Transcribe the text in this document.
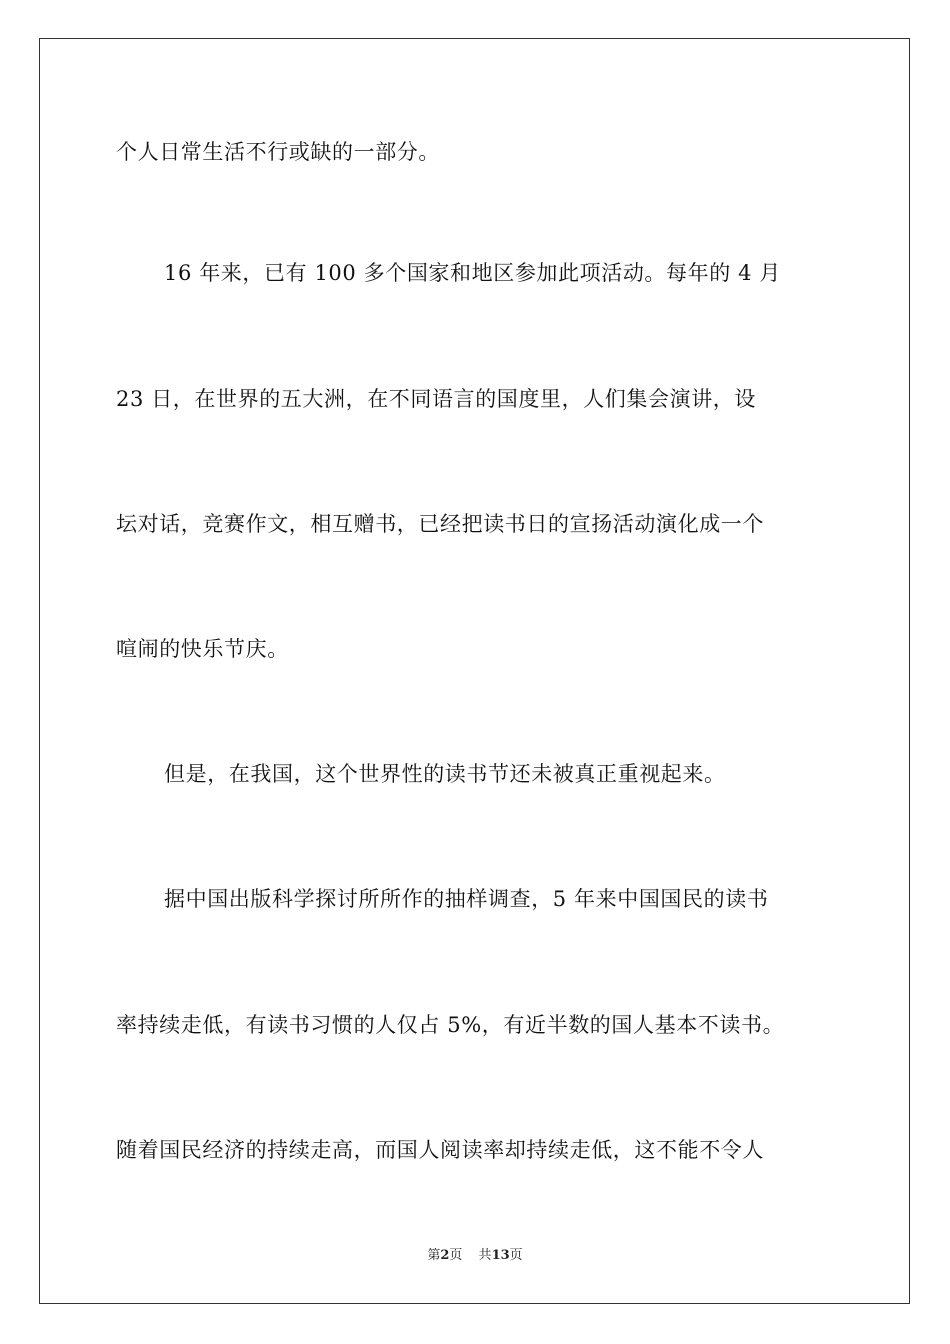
个人日常生活不行或缺的一部分。
16 年来，已有 100 多个国家和地区参加此项活动。每年的 4 月
23 日，在世界的五大洲，在不同语言的国度里，人们集会演讲，设
坛对话，竞赛作文，相互赠书，已经把读书日的宣扬活动演化成一个
喧闹的快乐节庆。
但是，在我国，这个世界性的读书节还未被真正重视起来。
据中国出版科学探讨所所作的抽样调查，5 年来中国国民的读书
率持续走低，有读书习惯的人仅占 5%，有近半数的国人基本不读书。
随着国民经济的持续走高，而国人阅读率却持续走低，这不能不令人
第2页 共13页
